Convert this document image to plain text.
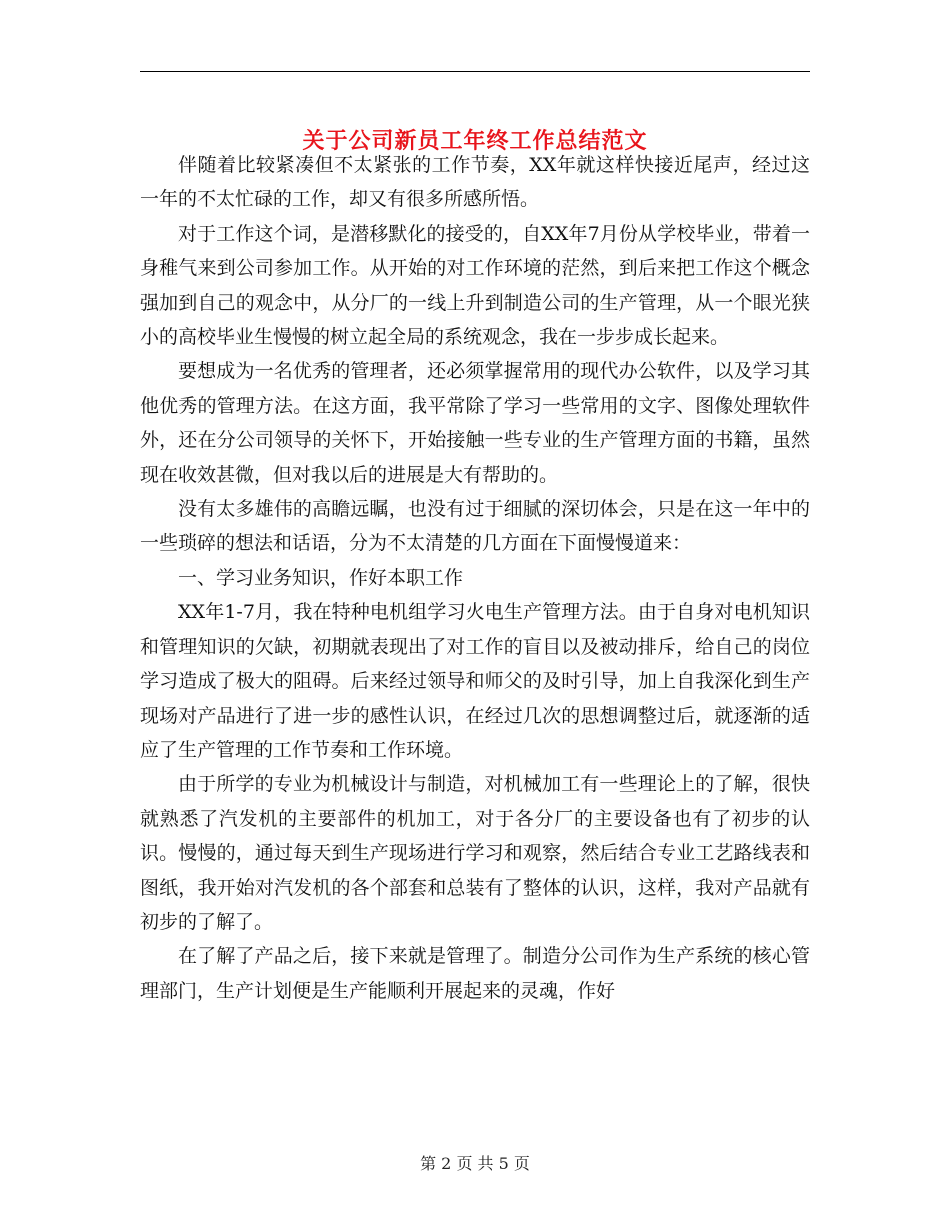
关于公司新员工年终工作总结范文

伴随着比较紧凑但不太紧张的工作节奏，XX年就这样快接近尾声，经过这一年的不太忙碌的工作，却又有很多所感所悟。

对于工作这个词，是潜移默化的接受的，自XX年7月份从学校毕业，带着一身稚气来到公司参加工作。从开始的对工作环境的茫然，到后来把工作这个概念强加到自己的观念中，从分厂的一线上升到制造公司的生产管理，从一个眼光狭小的高校毕业生慢慢的树立起全局的系统观念，我在一步步成长起来。

要想成为一名优秀的管理者，还必须掌握常用的现代办公软件，以及学习其他优秀的管理方法。在这方面，我平常除了学习一些常用的文字、图像处理软件外，还在分公司领导的关怀下，开始接触一些专业的生产管理方面的书籍，虽然现在收效甚微，但对我以后的进展是大有帮助的。

没有太多雄伟的高瞻远瞩，也没有过于细腻的深切体会，只是在这一年中的一些琐碎的想法和话语，分为不太清楚的几方面在下面慢慢道来：

一、学习业务知识，作好本职工作

XX年1-7月，我在特种电机组学习火电生产管理方法。由于自身对电机知识和管理知识的欠缺，初期就表现出了对工作的盲目以及被动排斥，给自己的岗位学习造成了极大的阻碍。后来经过领导和师父的及时引导，加上自我深化到生产现场对产品进行了进一步的感性认识，在经过几次的思想调整过后，就逐渐的适应了生产管理的工作节奏和工作环境。

由于所学的专业为机械设计与制造，对机械加工有一些理论上的了解，很快就熟悉了汽发机的主要部件的机加工，对于各分厂的主要设备也有了初步的认识。慢慢的，通过每天到生产现场进行学习和观察，然后结合专业工艺路线表和图纸，我开始对汽发机的各个部套和总装有了整体的认识，这样，我对产品就有初步的了解了。

在了解了产品之后，接下来就是管理了。制造分公司作为生产系统的核心管理部门，生产计划便是生产能顺利开展起来的灵魂，作好

第 2 页 共 5 页
